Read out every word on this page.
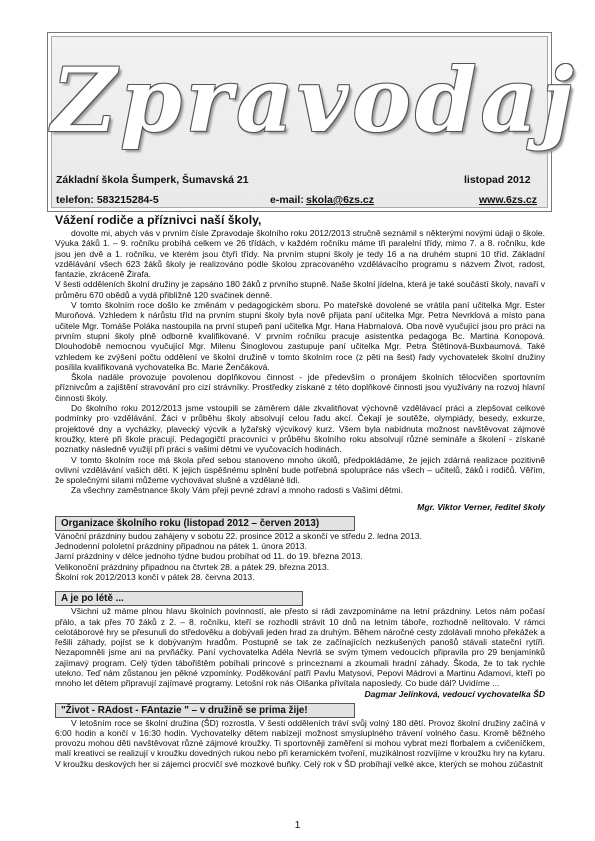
Zpravodaj
Základní škola Šumperk, Šumavská 21	listopad 2012
telefon: 583215284-5	e-mail: skola@6zs.cz	www.6zs.cz
Vážení rodiče a příznivci naší školy,

dovolte mi, abych vás v prvním čísle Zpravodaje školního roku 2012/2013 stručně seznámil s některými novými údaji o škole. Výuka žáků 1. – 9. ročníku probíhá celkem ve 26 třídách, v každém ročníku máme tři paralelní třídy, mimo 7. a 8. ročníku, kde jsou jen dvě a 1. ročníku, ve kterém jsou čtyři třídy. Na prvním stupni školy je tedy 16 a na druhém stupni 10 tříd. Základní vzdělávání všech 623 žáků školy je realizováno podle školou zpracovaného vzdělávacího programu s názvem Život, radost, fantazie, zkráceně Žirafa.

V šesti odděleních školní družiny je zapsáno 180 žáků z prvního stupně. Naše školní jídelna, která je také součástí školy, navaří v průměru 670 obědů a vydá přibližně 120 svačinek denně.

V tomto školním roce došlo ke změnám v pedagogickém sboru. Po mateřské dovolené se vrátila paní učitelka Mgr. Ester Muroňová. Vzhledem k nárůstu tříd na prvním stupni školy byla nově přijata paní učitelka Mgr. Petra Nevrklová a místo pana učitele Mgr. Tomáše Poláka nastoupila na první stupeň paní učitelka Mgr. Hana Habrnalová. Oba nově vyučující jsou pro práci na prvním stupni školy plně odborně kvalifikované. V prvním ročníku pracuje asistentka pedagoga Bc. Martina Konopová. Dlouhodobě nemocnou vyučující Mgr. Milenu Šinoglovou zastupuje paní učitelka Mgr. Petra Štětinová-Buxbaumová. Také vzhledem ke zvýšení počtu oddělení ve školní družině v tomto školním roce (z pěti na šest) řady vychovatelek školní družiny posílila kvalifikovaná vychovatelka Bc. Marie Ženčáková.

Škola nadále provozuje povolenou doplňkovou činnost - jde především o pronájem školních tělocvičen sportovním příznivcům a zajištění stravování pro cizí strávníky. Prostředky získané z této doplňkové činnosti jsou využívány na rozvoj hlavní činnosti školy.

Do školního roku 2012/2013 jsme vstoupili se záměrem dále zkvalitňovat výchovně vzdělávací práci a zlepšovat celkové podmínky pro vzdělávání. Žáci v průběhu školy absolvují celou řadu akcí. Čekají je soutěže, olympiády, besedy, exkurze, projektové dny a vycházky, plavecký výcvik a lyžařský výcvikový kurz. Všem byla nabídnuta možnost navštěvovat zájmové kroužky, které při škole pracují. Pedagogičtí pracovníci v průběhu školního roku absolvují různé semináře a školení - získané poznatky následně využijí při práci s vašimi dětmi ve vyučovacích hodinách.

V tomto školním roce má škola před sebou stanoveno mnoho úkolů, předpokládáme, že jejich zdárná realizace pozitivně ovlivní vzdělávání vašich dětí. K jejich úspěšnému splnění bude potřebná spolupráce nás všech – učitelů, žáků i rodičů. Věřím, že společnými silami můžeme vychovávat slušné a vzdělané lidi.

Za všechny zaměstnance školy Vám přeji pevné zdraví a mnoho radosti s Vašimi dětmi.

Mgr. Viktor Verner, ředitel školy
Organizace školního roku (listopad 2012 – červen 2013)

Vánoční prázdniny budou zahájeny v sobotu 22. prosince 2012 a skončí ve středu 2. ledna 2013.

Jednodenní pololetní prázdniny připadnou na pátek 1. února 2013.

Jarní prázdniny v délce jednoho týdne budou probíhat od 11. do 19. března 2013.

Velikonoční prázdniny připadnou na čtvrtek 28. a pátek 29. března 2013.

Školní rok 2012/2013 končí v pátek 28. června 2013.

A je po létě ...

Všichni už máme plnou hlavu školních povinností, ale přesto si rádi zavzpomínáme na letní prázdniny. Letos nám počasí přálo, a tak přes 70 žáků z 2. – 8. ročníku, kteří se rozhodli strávit 10 dnů na letním táboře, rozhodně nelitovalo. V rámci celotáborové hry se přesunuli do středověku a dobývali jeden hrad za druhým. Během náročné cesty zdolávali mnoho překážek a řešili záhady, pojíst se k dobývaným hradům. Postupně se tak ze začínajících nezkušených panošů stávali stateční rytíři. Nezapomněli jsme ani na prvňáčky. Paní vychovatelka Adéla Nevrlá se svým týmem vedoucích připravila pro 29 benjamínků zajímavý program. Celý týden tábořištěm pobíhali princové s princeznami a zkoumali hradní záhady. Škoda, že to tak rychle utekло. Teď nám zůstanou jen pěkné vzpomínky. Poděkování patří Pavlu Matysovi, Pepovi Mádrovi a Martinu Adamovi, kteří po mnoho let dětem připravují zajímavé programy. Letošní rok nás Olšanka přivítala naposledy. Co bude dál? Uvidíme ...
Dagmar Jelínková, vedoucí vychovatelka ŠD

"Život - RAdost - FAntazie " – v družině se prima žije!

V letošním roce se školní družina (ŠD) rozrostla. V šesti odděleních tráví svůj volný 180 dětí. Provoz školní družiny začíná v 6:00 hodin a končí v 16:30 hodin. Vychovatelky dětem nabízejí možnost smysluplného trávení volného času. Kromě běžného provozu mohou děti navštěvovat různé zájmové kroužky. Ti sportovněji zaměření si mohou vybrat mezi florbalem a cvičeníčkem, malí kreativci se realizují v kroužku dovedných rukou nebo při keramickém tvoření, muzikálnost rozvíjíme v kroužku hry na kytaru. V kroužku deskových her si zájemci procvičí své mozkové buňky. Celý rok v ŠD probíhají velké akce, kterých se mohou zúčastnit

1
